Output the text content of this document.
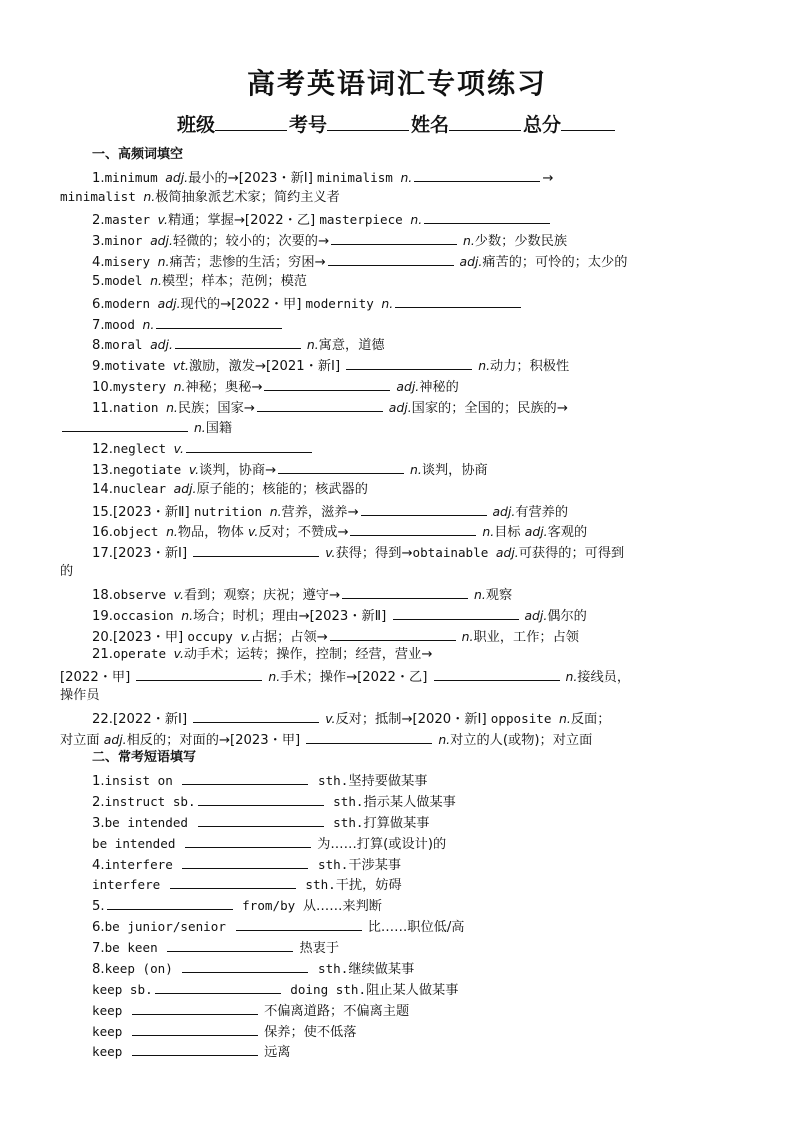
高考英语词汇专项练习
班级	考号	姓名	总分
一、高频词填空
1.minimum adj.最小的→[2023・新Ⅰ] minimalism n.	→
minimalist n.极简抽象派艺术家；简约主义者
2.master v.精通；掌握→[2022・乙] masterpiece n.
3.minor adj.轻微的；较小的；次要的→	n.少数；少数民族
4.misery n.痛苦；悲惨的生活；穷困→	adj.痛苦的；可怜的；太少的
5.model n.模型；样本；范例；模范
6.modern adj.现代的→[2022・甲] modernity n.
7.mood n.
8.moral adj.	n.寓意，道德
9.motivate vt.激励，激发→[2021・新Ⅰ]	n.动力；积极性
10.mystery n.神秘；奥秘→	adj.神秘的
11.nation n.民族；国家→	adj.国家的；全国的；民族的→
n.国籍
12.neglect v.
13.negotiate v.谈判，协商→	n.谈判，协商
14.nuclear adj.原子能的；核能的；核武器的
15.[2023・新Ⅱ] nutrition n.营养，滋养→	adj.有营养的
16.object n.物品，物体 v.反对；不赞成→	n.目标 adj.客观的
17.[2023・新Ⅰ]	v.获得；得到→obtainable adj.可获得的；可得到
的
18.observe v.看到；观察；庆祝；遵守→	n.观察
19.occasion n.场合；时机；理由→[2023・新Ⅱ]	adj.偶尔的
20.[2023・甲] occupy v.占据；占领→	n.职业，工作；占领
21.operate v.动手术；运转；操作，控制；经营，营业→
[2022・甲]	n.手术；操作→[2022・乙]	n.接线员，
操作员
22.[2022・新Ⅰ]	v.反对；抵制→[2020・新Ⅰ] opposite n.反面；
对立面 adj.相反的；对面的→[2023・甲]	n.对立的人(或物)；对立面
二、常考短语填写
1.insist on	sth.坚持要做某事
2.instruct sb.	sth.指示某人做某事
3.be intended	sth.打算做某事
be intended	为……打算(或设计)的
4.interfere	sth.干涉某事
interfere	sth.干扰，妨碍
5.	from/by 从……来判断
6.be junior/senior	比……职位低/高
7.be keen	热衷于
8.keep (on)	sth.继续做某事
keep sb.	doing sth.阻止某人做某事
keep	不偏离道路；不偏离主题
keep	保养；使不低落
keep	远离
